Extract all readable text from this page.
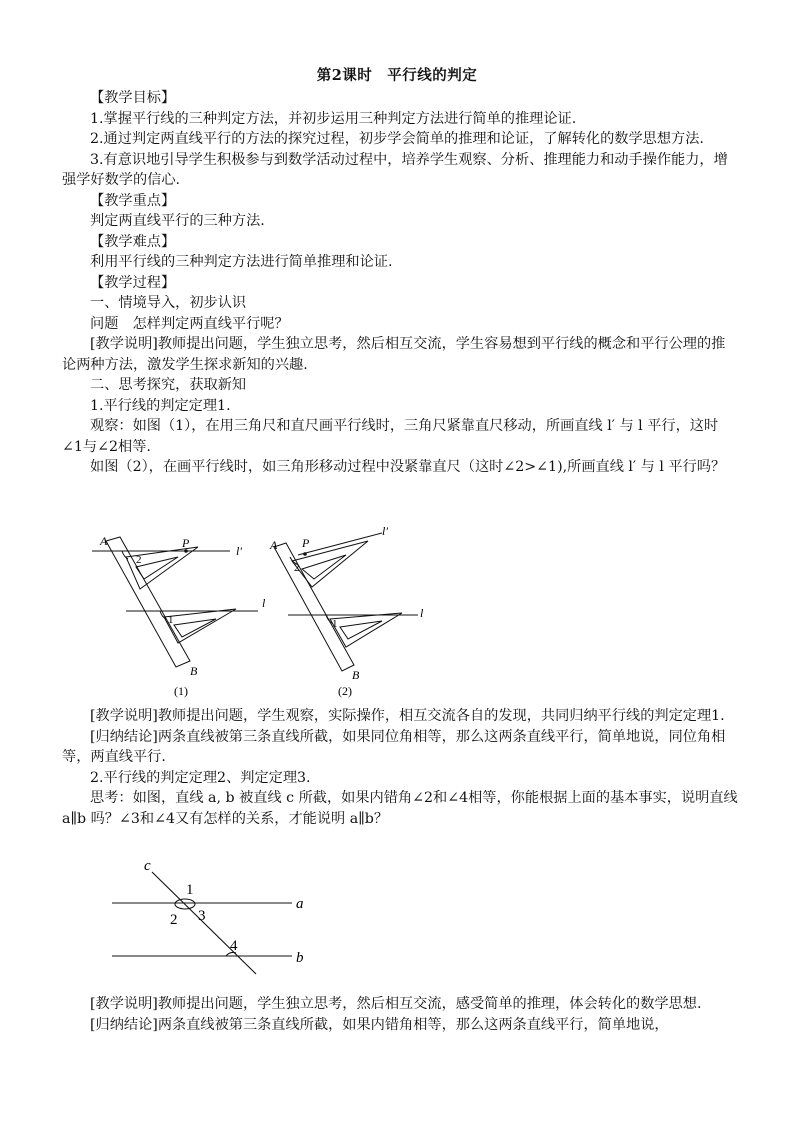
第2课时　平行线的判定

【教学目标】

1.掌握平行线的三种判定方法，并初步运用三种判定方法进行简单的推理论证.

2.通过判定两直线平行的方法的探究过程，初步学会简单的推理和论证，了解转化的数学思想方法.

3.有意识地引导学生积极参与到数学活动过程中，培养学生观察、分析、推理能力和动手操作能力，增强学好数学的信心.

【教学重点】

判定两直线平行的三种方法.

【教学难点】

利用平行线的三种判定方法进行简单推理和论证.

【教学过程】

一、情境导入，初步认识

问题　怎样判定两直线平行呢？

[教学说明]教师提出问题，学生独立思考，然后相互交流，学生容易想到平行线的概念和平行公理的推论两种方法，激发学生探求新知的兴趣.

二、思考探究，获取新知

1.平行线的判定定理1.

观察：如图（1），在用三角尺和直尺画平行线时，三角尺紧靠直尺移动，所画直线 l′ 与 l 平行，这时∠1与∠2相等.

如图（2），在画平行线时，如三角形移动过程中没紧靠直尺（这时∠2>∠1),所画直线 l′ 与 l 平行吗？

A	P
l′
l
2
1
B
(1)
A P
l′
l
2
1
B
(2)

[教学说明]教师提出问题，学生观察，实际操作，相互交流各自的发现，共同归纳平行线的判定定理1.

[归纳结论]两条直线被第三条直线所截，如果同位角相等，那么这两条直线平行，简单地说，同位角相等，两直线平行.

2.平行线的判定定理2、判定定理3.

思考：如图，直线 a, b 被直线 c 所截，如果内错角∠2和∠4相等，你能根据上面的基本事实，说明直线 a∥b 吗？∠3和∠4又有怎样的关系，才能说明 a∥b？

c
a
b
1
2 3
4

[教学说明]教师提出问题，学生独立思考，然后相互交流，感受简单的推理，体会转化的数学思想.

[归纳结论]两条直线被第三条直线所截，如果内错角相等，那么这两条直线平行，简单地说，
